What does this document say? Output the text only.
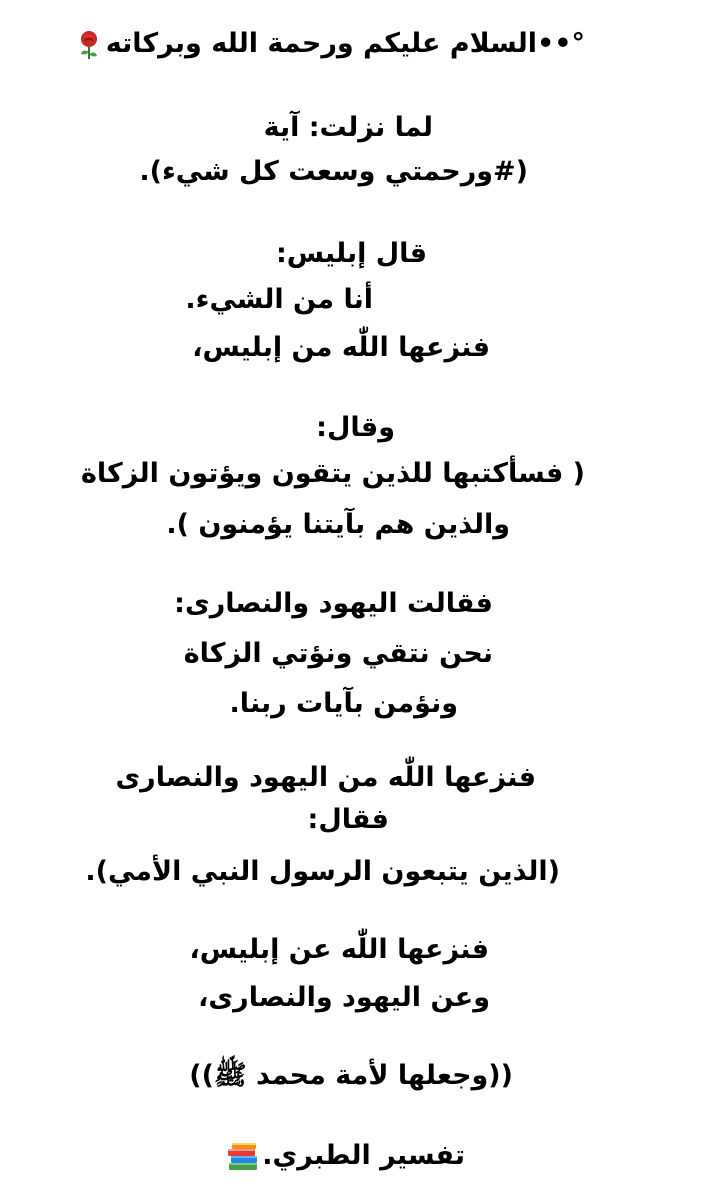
°••السلام عليكم ورحمة الله وبركاته
لما نزلت: آية
(#ورحمتي وسعت كل شيء).
قال إبليس:
أنا من الشيء.
فنزعها اللّٰه من إبليس،
وقال:
( فسأكتبها للذين يتقون ويؤتون الزكاة
والذين هم بآيتنا يؤمنون ).
فقالت اليهود والنصارى:
نحن نتقي ونؤتي الزكاة
ونؤمن بآيات ربنا.
فنزعها اللّٰه من اليهود والنصارى
فقال:
(الذين يتبعون الرسول النبي الأمي).
فنزعها اللّٰه عن إبليس،
وعن اليهود والنصارى،
((وجعلها لأمة محمد ﷺ))
تفسير الطبري.
